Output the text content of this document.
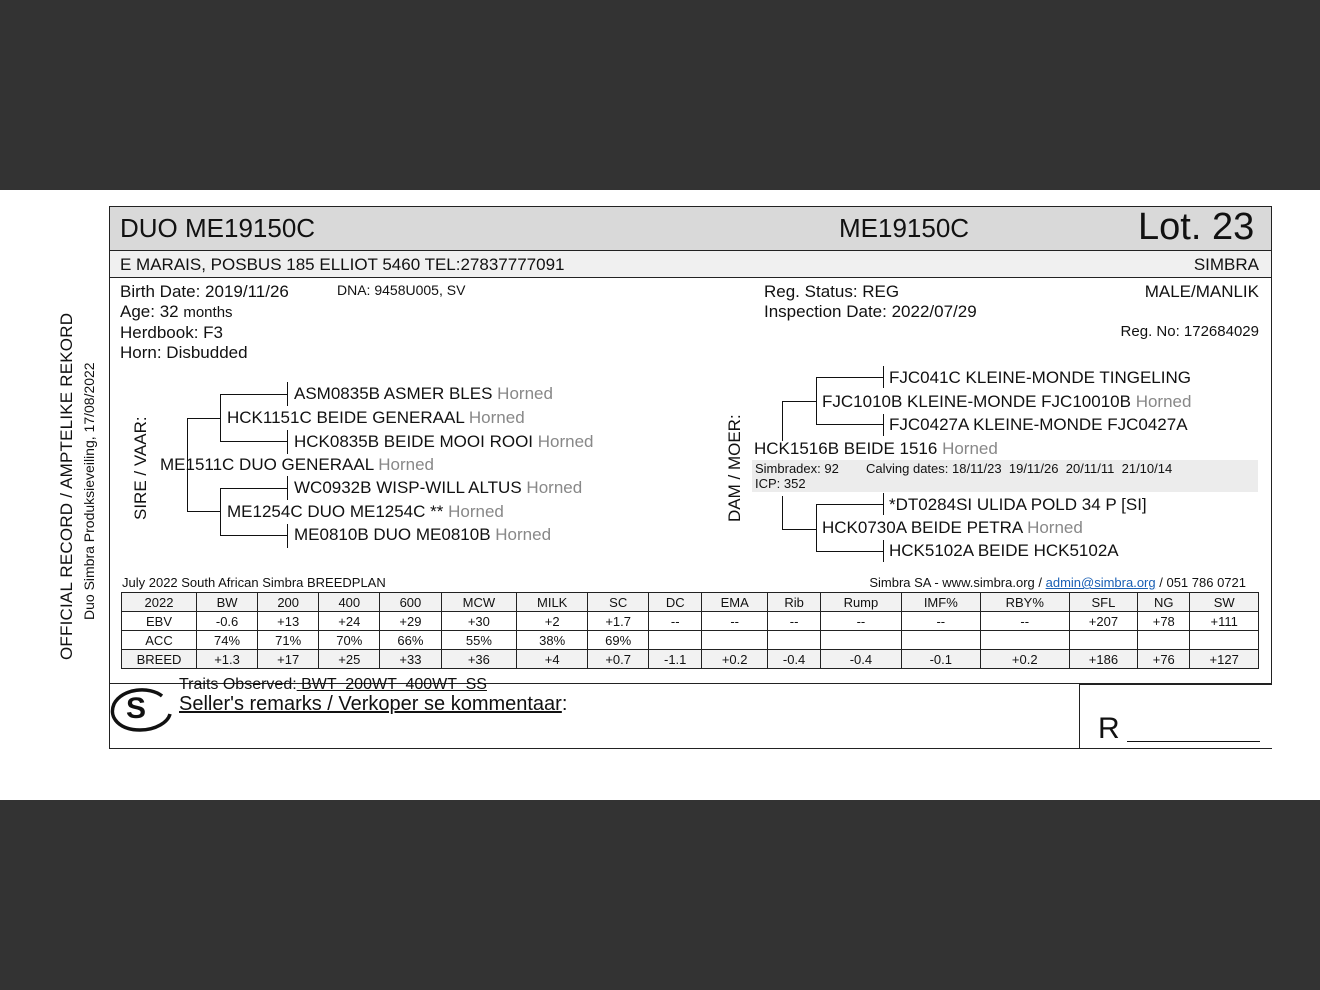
OFFICIAL RECORD / AMPTELIKE REKORD Duo Simbra Produksieveiling, 17/08/2022
DUO ME19150C	ME19150C	Lot. 23
E MARAIS, POSBUS 185 ELLIOT 5460 TEL:27837777091	SIMBRA
Birth Date: 2019/11/26	DNA: 9458U005, SV
Age: 32 months
Herdbook: F3
Horn: Disbudded
Reg. Status: REG
Inspection Date: 2022/07/29
MALE/MANLIK
Reg. No: 172684029
SIRE / VAAR:
ASM0835B ASMER BLES Horned
HCK1151C BEIDE GENERAAL Horned
HCK0835B BEIDE MOOI ROOI Horned
ME1511C DUO GENERAAL Horned
WC0932B WISP-WILL ALTUS Horned
ME1254C DUO ME1254C ** Horned
ME0810B DUO ME0810B Horned
DAM / MOER:
FJC041C KLEINE-MONDE TINGELING
FJC1010B KLEINE-MONDE FJC10010B Horned
FJC0427A KLEINE-MONDE FJC0427A
HCK1516B BEIDE 1516 Horned
Simbradex: 92 Calving dates: 18/11/23  19/11/26  20/11/11  21/10/14
ICP: 352
*DT0284SI ULIDA POLD 34 P [SI]
HCK0730A BEIDE PETRA Horned
HCK5102A BEIDE HCK5102A
July 2022 South African Simbra BREEDPLAN	Simbra SA - www.simbra.org / admin@simbra.org / 051 786 0721
2022	BW	200	400	600	MCW	MILK	SC	DC	EMA	Rib	Rump	IMF%	RBY%	SFL	NG	SW
EBV	-0.6	+13	+24	+29	+30	+2	+1.7	--	--	--	--	--	--	+207	+78	+111
ACC	74%	71%	70%	66%	55%	38%	69%									
BREED	+1.3	+17	+25	+33	+36	+4	+0.7	-1.1	+0.2	-0.4	-0.4	-0.1	+0.2	+186	+76	+127
S
Traits Observed: BWT  200WT  400WT  SS
Seller's remarks / Verkoper se kommentaar:
R
